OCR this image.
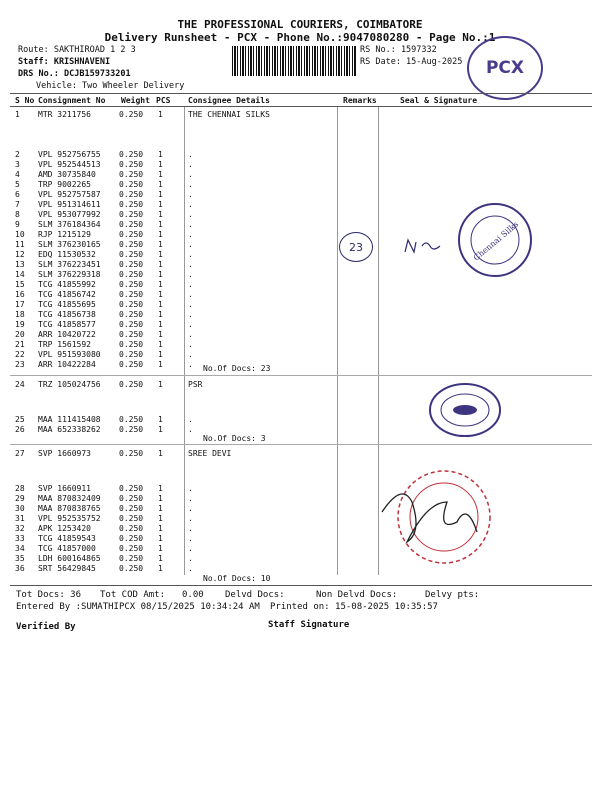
THE PROFESSIONAL COURIERS, COIMBATORE
Delivery Runsheet - PCX - Phone No.:9047080280 - Page No.:1
Route: SAKTHIROAD 1 2 3
Staff: KRISHNAVENI
DRS No.: DCJB159733201
Vehicle: Two Wheeler Delivery
RS No.: 1597332
RS Date: 15-Aug-2025	PCX
S No Consignment No Weight PCS Consignee Details	Remarks	Seal & Signature
1	MTR 3211756	0.250	1	THE CHENNAI SILKS
2	VPL 952756755	0.250	1	.
3	VPL 952544513	0.250	1	.
4	AMD 30735840	0.250	1	.
5	TRP 9002265	0.250	1	.
6	VPL 952757587	0.250	1	.
7	VPL 951314611	0.250	1	.
8	VPL 953077992	0.250	1	.
9	SLM 376184364	0.250	1	.
10	RJP 1215129	0.250	1	.
11	SLM 376230165	0.250	1	.
12	EDQ 11530532	0.250	1	.
13	SLM 376223451	0.250	1	.
14	SLM 376229318	0.250	1	.
15	TCG 41855992	0.250	1	.
16	TCG 41856742	0.250	1	.
17	TCG 41855695	0.250	1	.
18	TCG 41856738	0.250	1	.
19	TCG 41858577	0.250	1	.
20	ARR 10420722	0.250	1	.
21	TRP 1561592	0.250	1	.
22	VPL 951593080	0.250	1	.
23	ARR 10422284	0.250	1	.	No.Of Docs: 23
24	TRZ 105024756	0.250	1	PSR
25	MAA 111415408	0.250	1	.
26	MAA 652338262	0.250	1	.
No.Of Docs: 3
27	SVP 1660973	0.250	1	SREE DEVI
28	SVP 1660911	0.250	1	.
29	MAA 870832409	0.250	1	.
30	MAA 870838765	0.250	1	.
31	VPL 952535752	0.250	1	.
32	APK 1253420	0.250	1	.
33	TCG 41859543	0.250	1	.
34	TCG 41857000	0.250	1	.
35	LDH 600164865	0.250	1	.
36	SRT 56429845	0.250	1	.
No.Of Docs: 10
23	Chennai Silks
Tot Docs: 36 Tot COD Amt: 0.00 Delvd Docs:	Non Delvd Docs:	Delvy pts:
Entered By :SUMATHIPCX 08/15/2025 10:34:24 AM Printed on: 15-08-2025 10:35:57
Verified By	Staff Signature
